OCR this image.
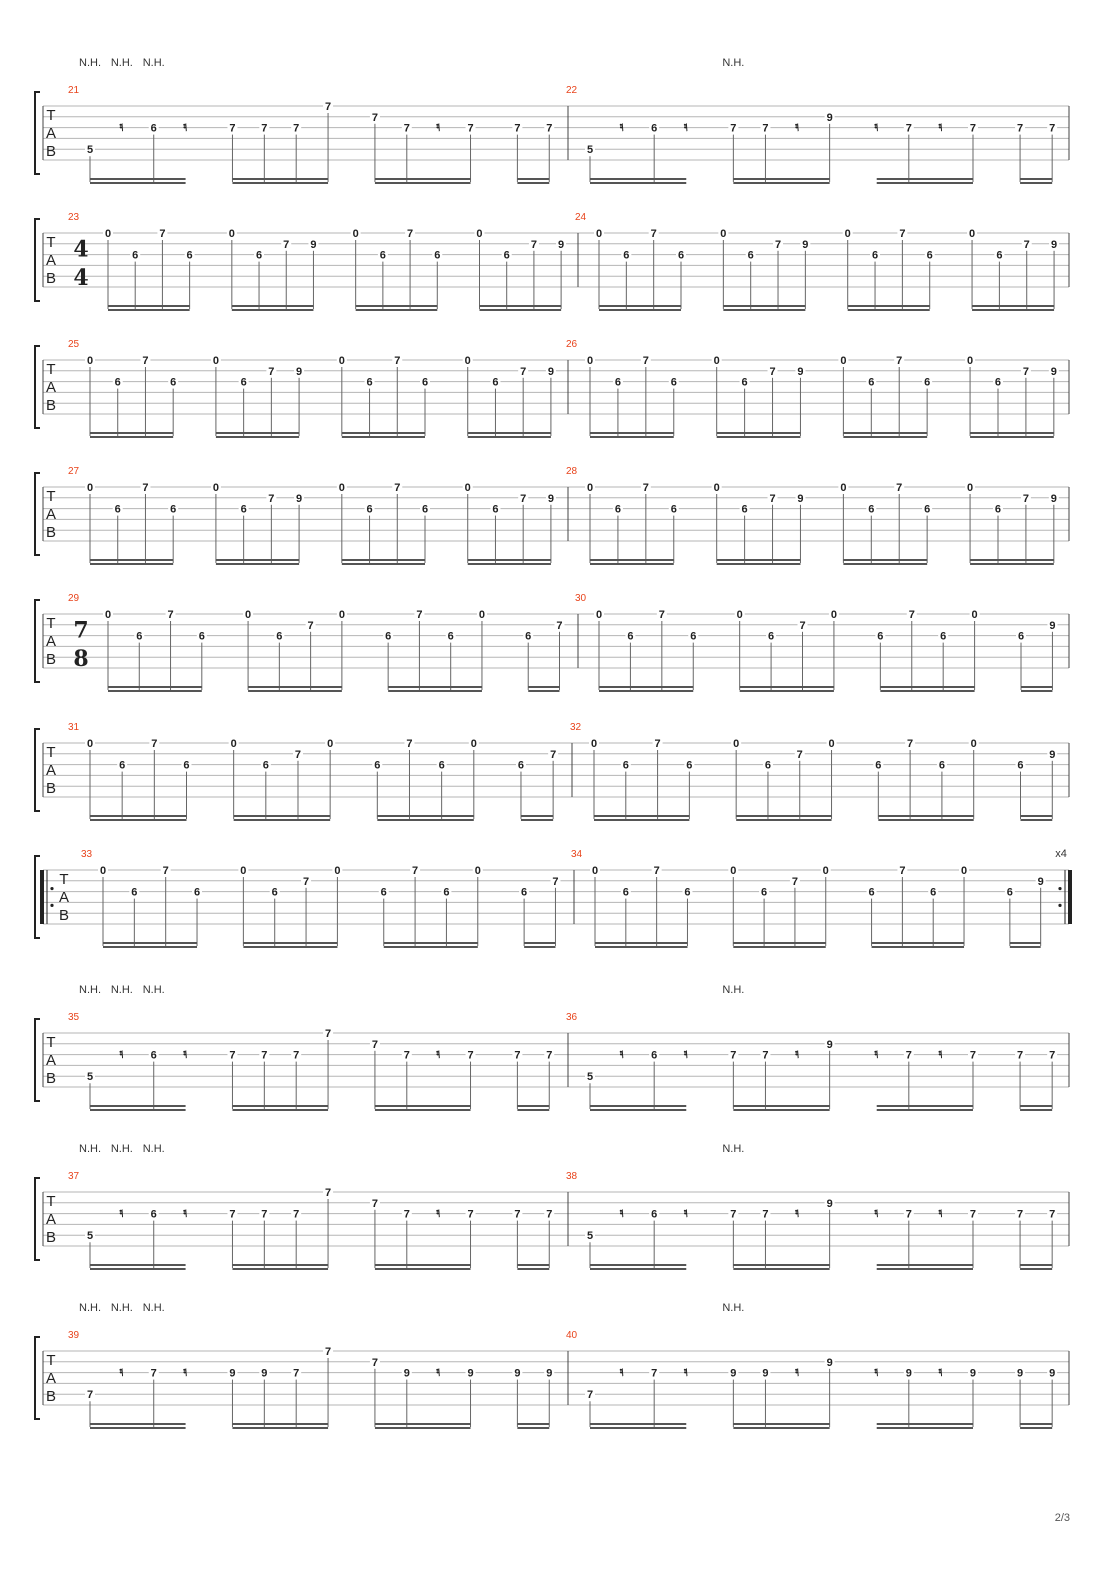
T
A
B
21
5
N.H.
𝄿
N.H.
6
N.H.
𝄿	7 7 7
7
7
7 𝄿 7	7 7
22
5
𝄿 6 𝄿	7
N.H.
7 𝄿
9
𝄿 7 𝄿 7	7 7
T
A
B
4
4
23
0
6
7
6
0
6
7 9
0
6
7
6
0
6
7 9
24
0
6
7
6
0
6
7 9
0
6
7
6
0
6
7 9
T
A
B
25
0
6
7
6
0
6
7 9
0
6
7
6
0
6
7 9
26
0
6
7
6
0
6
7 9
0
6
7
6
0
6
7 9
T
A
B
27
0
6
7
6
0
6
7 9
0
6
7
6
0
6
7 9
28
0
6
7
6
0
6
7 9
0
6
7
6
0
6
7 9
T
A
B
7
8
29
0
6
7
6
0
6
7
0
6
7
6
0
6
7
30
0
6
7
6
0
6
7
0
6
7
6
0
6
9
T
A
B
31
0
6
7
6
0
6
7
0
6
7
6
0
6
7
32
0
6
7
6
0
6
7
0
6
7
6
0
6
9
T
A
B
x4
33
0
6
7
6
0
6
7
0
6
7
6
0
6
7
34
0
6
7
6
0
6
7
0
6
7
6
0
6
9
T
A
B
35
5
N.H.
𝄿
N.H.
6
N.H.
𝄿	7 7 7
7
7
7 𝄿 7	7 7
36
5
𝄿 6 𝄿	7
N.H.
7 𝄿
9
𝄿 7 𝄿 7	7 7
T
A
B
37
5
N.H.
𝄿
N.H.
6
N.H.
𝄿	7 7 7
7
7
7 𝄿 7	7 7
38
5
𝄿 6 𝄿	7
N.H.
7 𝄿
9
𝄿 7 𝄿 7	7 7
T
A
B
39
7
N.H.
𝄿
N.H.
7
N.H.
𝄿	9 9 7
7
7
9 𝄿 9	9 9
40
7
𝄿 7 𝄿	9
N.H.
9 𝄿
9
𝄿 9 𝄿 9	9 9
2/3
